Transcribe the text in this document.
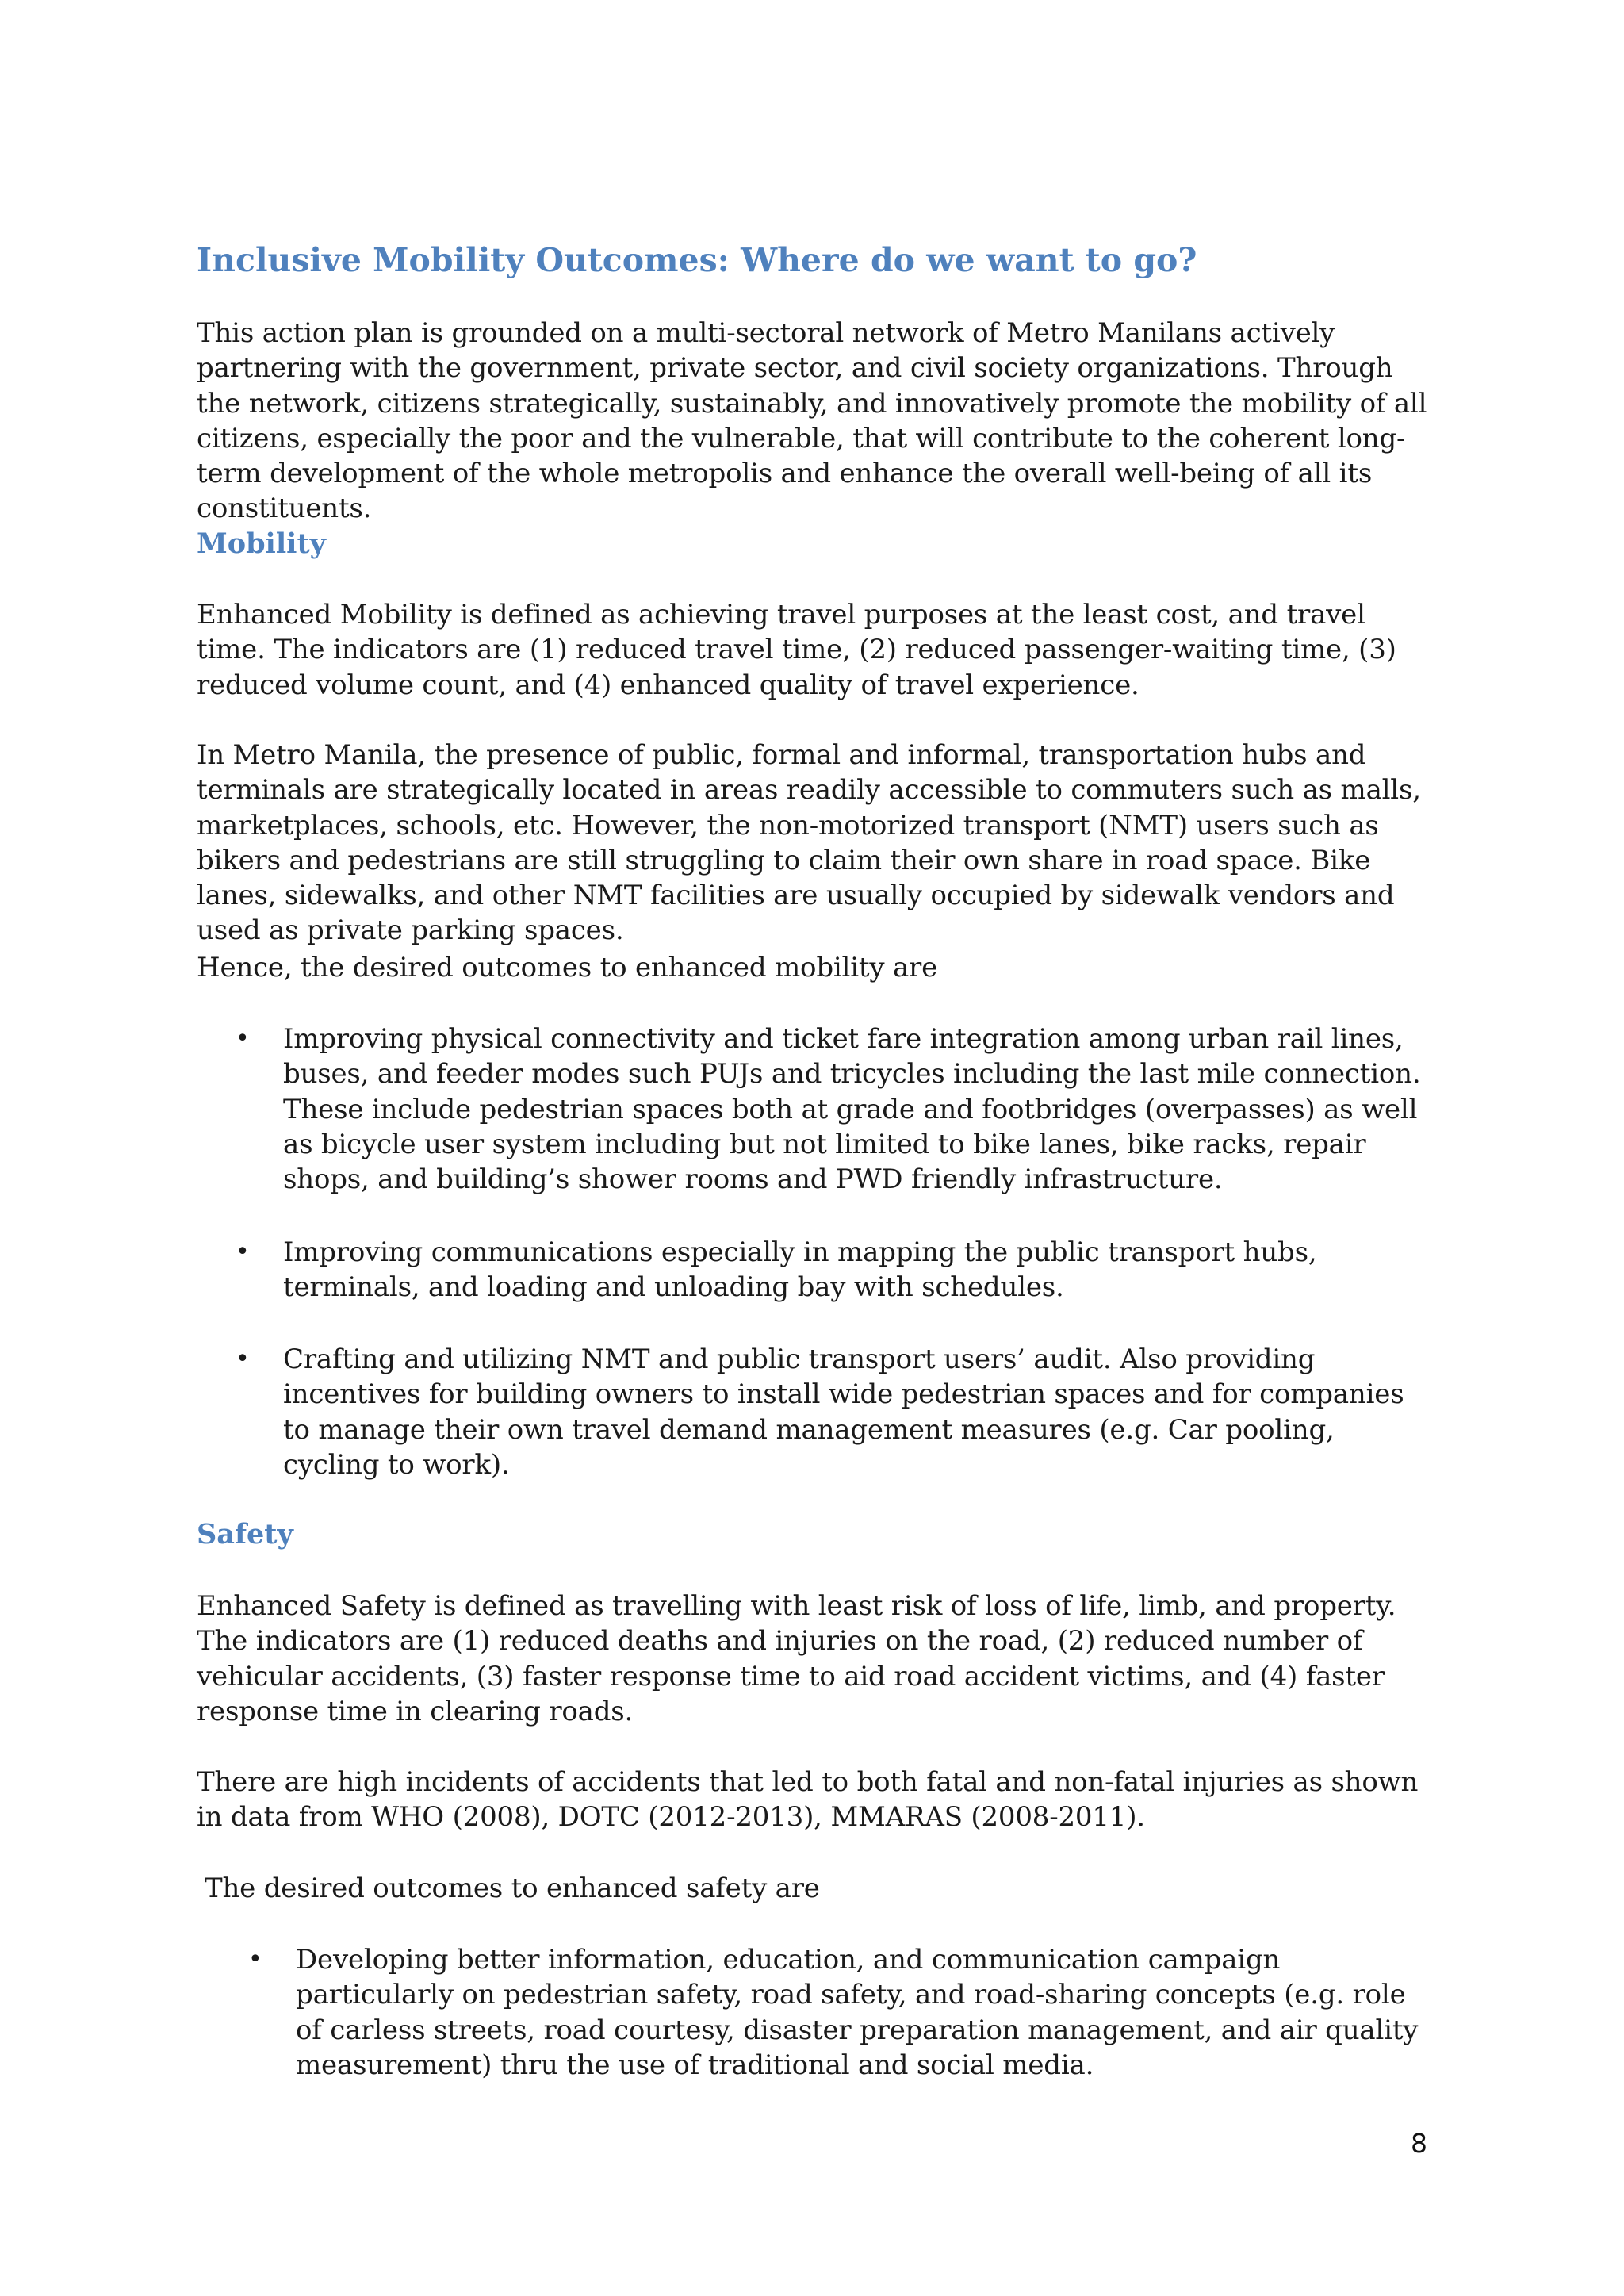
Inclusive Mobility Outcomes: Where do we want to go?

This action plan is grounded on a multi-sectoral network of Metro Manilans actively partnering with the government, private sector, and civil society organizations. Through the network, citizens strategically, sustainably, and innovatively promote the mobility of all citizens, especially the poor and the vulnerable, that will contribute to the coherent long-term development of the whole metropolis and enhance the overall well-being of all its constituents.

Mobility

Enhanced Mobility is defined as achieving travel purposes at the least cost, and travel time. The indicators are (1) reduced travel time, (2) reduced passenger-waiting time, (3) reduced volume count, and (4) enhanced quality of travel experience.

In Metro Manila, the presence of public, formal and informal, transportation hubs and terminals are strategically located in areas readily accessible to commuters such as malls, marketplaces, schools, etc. However, the non-motorized transport (NMT) users such as bikers and pedestrians are still struggling to claim their own share in road space. Bike lanes, sidewalks, and other NMT facilities are usually occupied by sidewalk vendors and used as private parking spaces.

Hence, the desired outcomes to enhanced mobility are

• Improving physical connectivity and ticket fare integration among urban rail lines, buses, and feeder modes such PUJs and tricycles including the last mile connection. These include pedestrian spaces both at grade and footbridges (overpasses) as well as bicycle user system including but not limited to bike lanes, bike racks, repair shops, and building’s shower rooms and PWD friendly infrastructure.
• Improving communications especially in mapping the public transport hubs, terminals, and loading and unloading bay with schedules.
• Crafting and utilizing NMT and public transport users’ audit. Also providing incentives for building owners to install wide pedestrian spaces and for companies to manage their own travel demand management measures (e.g. Car pooling, cycling to work).
Safety

Enhanced Safety is defined as travelling with least risk of loss of life, limb, and property. The indicators are (1) reduced deaths and injuries on the road, (2) reduced number of vehicular accidents, (3) faster response time to aid road accident victims, and (4) faster response time in clearing roads.

There are high incidents of accidents that led to both fatal and non-fatal injuries as shown in data from WHO (2008), DOTC (2012-2013), MMARAS (2008-2011).

The desired outcomes to enhanced safety are

• Developing better information, education, and communication campaign particularly on pedestrian safety, road safety, and road-sharing concepts (e.g. role of carless streets, road courtesy, disaster preparation management, and air quality measurement) thru the use of traditional and social media.
8
